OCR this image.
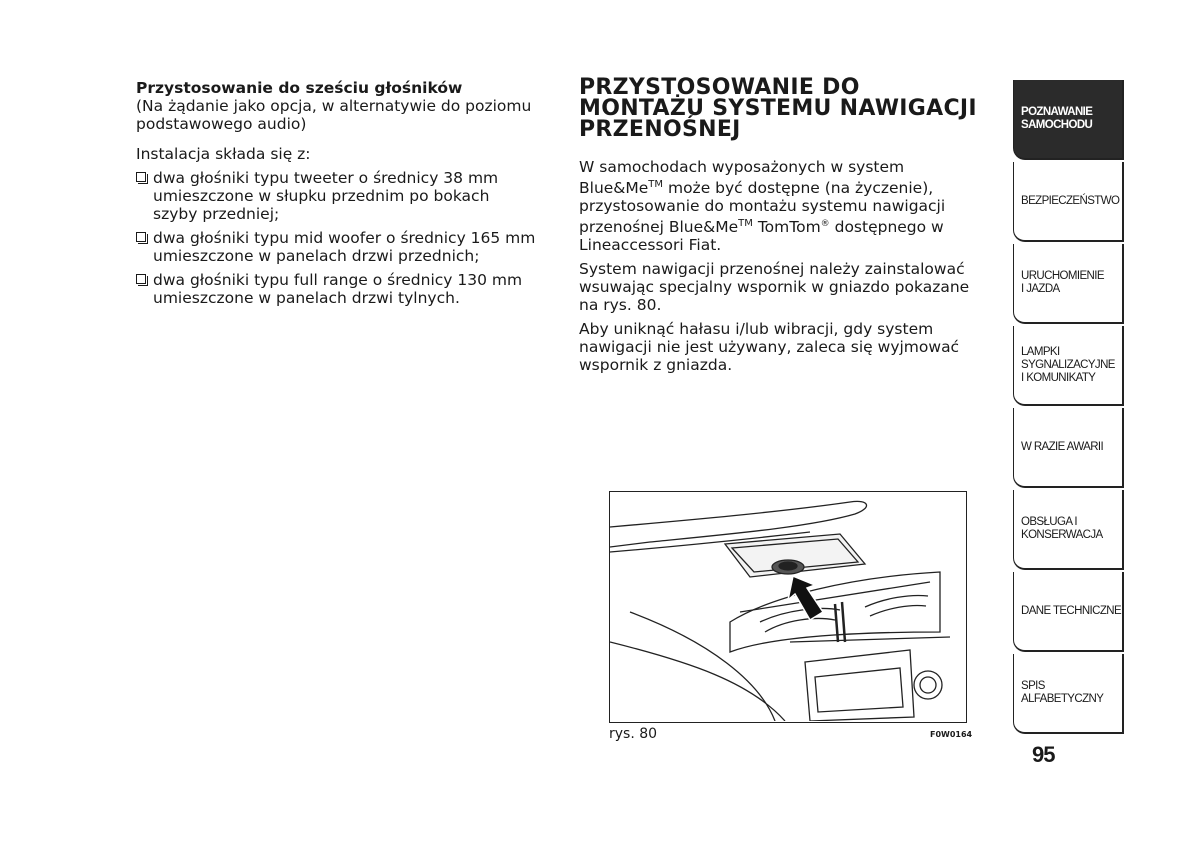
Przystosowanie do sześciu głośników

(Na żądanie jako opcja, w alternatywie do poziomu podstawowego audio)

Instalacja składa się z:

dwa głośniki typu tweeter o średnicy 38 mm umieszczone w słupku przednim po bokach szyby przedniej;
dwa głośniki typu mid woofer o średnicy 165 mm umieszczone w panelach drzwi przednich;
dwa głośniki typu full range o średnicy 130 mm umieszczone w panelach drzwi tylnych.
PRZYSTOSOWANIE DO MONTAŻU SYSTEMU NAWIGACJI PRZENOŚNEJ

W samochodach wyposażonych w system Blue&Me™ może być dostępne (na życzenie), przystosowanie do montażu systemu nawigacji przenośnej Blue&Me™ TomTom® dostępnego w Lineaccessori Fiat.

System nawigacji przenośnej należy zainstalować wsuwając specjalny wspornik w gniazdo pokazane na rys. 80.

Aby uniknąć hałasu i/lub wibracji, gdy system nawigacji nie jest używany, zaleca się wyjmować wspornik z gniazda.

rys. 80	F0W0164
POZNAWANIE SAMOCHODU
BEZPIECZEŃSTWO
URUCHOMIENIE I JAZDA
LAMPKI SYGNALIZACYJNE I KOMUNIKATY
W RAZIE AWARII
OBSŁUGA I KONSERWACJA
DANE TECHNICZNE
SPIS ALFABETYCZNY
95
